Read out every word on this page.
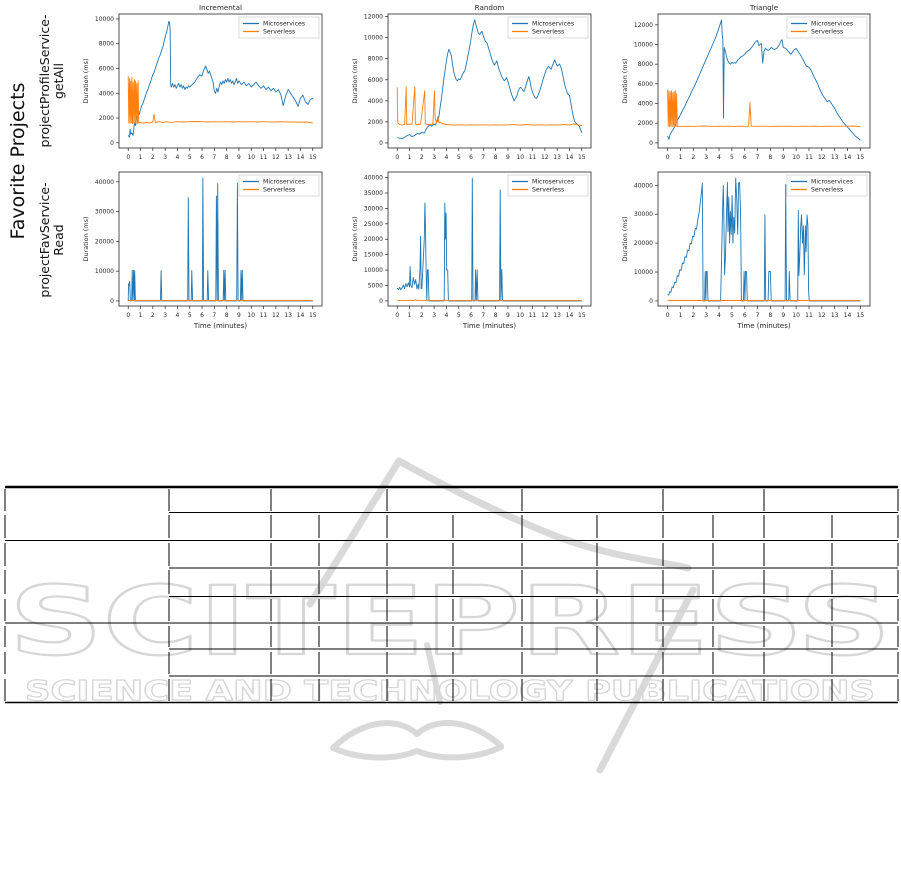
SCITEPRESS
SCIENCE AND TECHNOLOGY PUBLICATIONS
Incremental
0
2000
4000
6000
8000
10000
0 1 2 3 4 5 6 7 8 9 10 11 12 13 14 15
Duration (ms)
Microservices
Serverless
Random
0
2000
4000
6000
8000
10000
12000
0 1 2 3 4 5 6 7 8 9 10 11 12 13 14 15
Duration (ms)
Microservices
Serverless
Triangle
0
2000
4000
6000
8000
10000
12000
0 1 2 3 4 5 6 7 8 9 10 11 12 13 14 15
Duration (ms)
Microservices
Serverless
0
10000
20000
30000
40000
0 1 2 3 4 5 6 7 8 9 10 11 12 13 14 15
Duration (ms)
Time (minutes)
Microservices
Serverless
0
5000
10000
15000
20000
25000
30000
35000
40000
0 1 2 3 4 5 6 7 8 9 10 11 12 13 14 15
Duration (ms)
Time (minutes)
Microservices
Serverless
0
10000
20000
30000
40000
0 1 2 3 4 5 6 7 8 9 10 11 12 13 14 15
Duration (ms)
Time (minutes)
Microservices
Serverless
Favorite Projects
projectProfileService- getAll
projectFavService- Read
